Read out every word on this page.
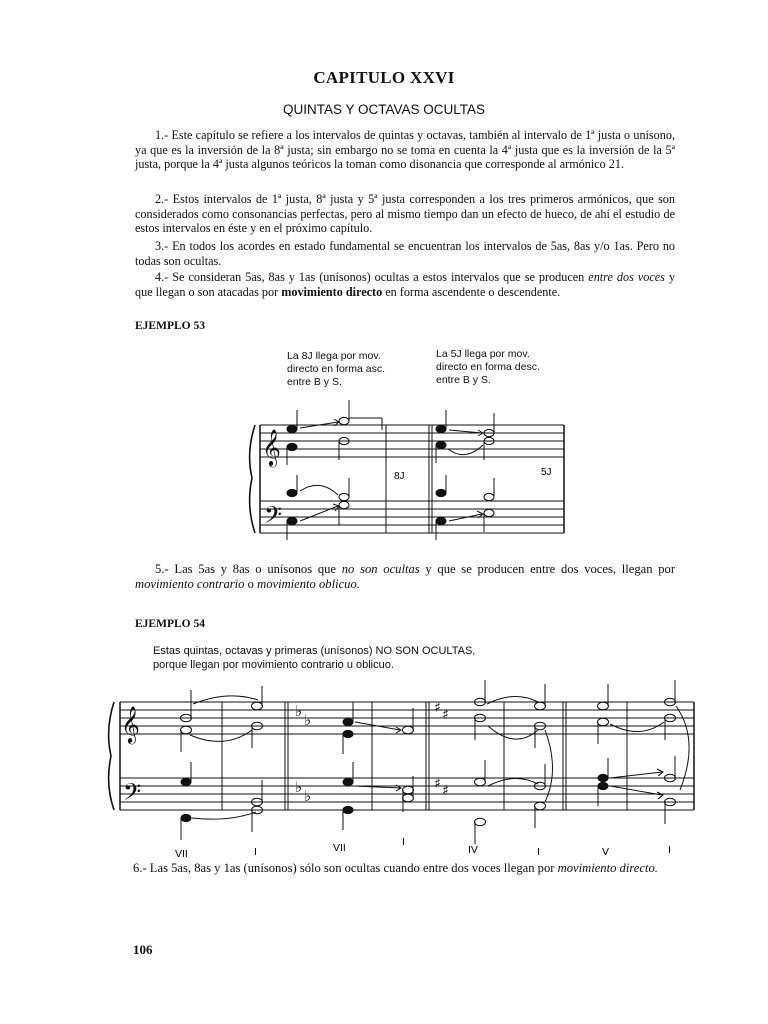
CAPITULO XXVI
QUINTAS Y OCTAVAS OCULTAS
1.- Este capítulo se refiere a los intervalos de quintas y octavas, también al intervalo de 1ª justa o unísono, ya que es la inversión de la 8ª justa; sin embargo no se toma en cuenta la 4ª justa que es la inversión de la 5ª justa, porque la 4ª justa algunos teóricos la toman como disonancia que corresponde al armónico 21.
2.- Estos intervalos de 1ª justa, 8ª justa y 5ª justa corresponden a los tres primeros armónicos, que son considerados como consonancias perfectas, pero al mismo tiempo dan un efecto de hueco, de ahí el estudio de estos intervalos en éste y en el próximo capítulo.
3.- En todos los acordes en estado fundamental se encuentran los intervalos de 5as, 8as y/o 1as. Pero no todas son ocultas.
4.- Se consideran 5as, 8as y 1as (unísonos) ocultas a estos intervalos que se producen entre dos voces y que llegan o son atacadas por movimiento directo en forma ascendente o descendente.
EJEMPLO 53
La 8J llega por mov.
directo en forma asc.
entre B y S.
La 5J llega por mov.
directo en forma desc.
entre B y S.
𝄞
𝄢
8J	5J
5.- Las 5as y 8as o unísonos que no son ocultas y que se producen entre dos voces, llegan por movimiento contrario o movimiento oblicuo.
EJEMPLO 54
Estas quintas, octavas y primeras (unísonos) NO SON OCULTAS, porque llegan por movimiento contrario u oblicuo.
𝄞
𝄢
♭ ♭
♭ ♭
♯ ♯
♯ ♯
VII	I	VII	I
IV	I	V	I
6.- Las 5as, 8as y 1as (unísonos) sólo son ocultas cuando entre dos voces llegan por movimiento directo.
106
